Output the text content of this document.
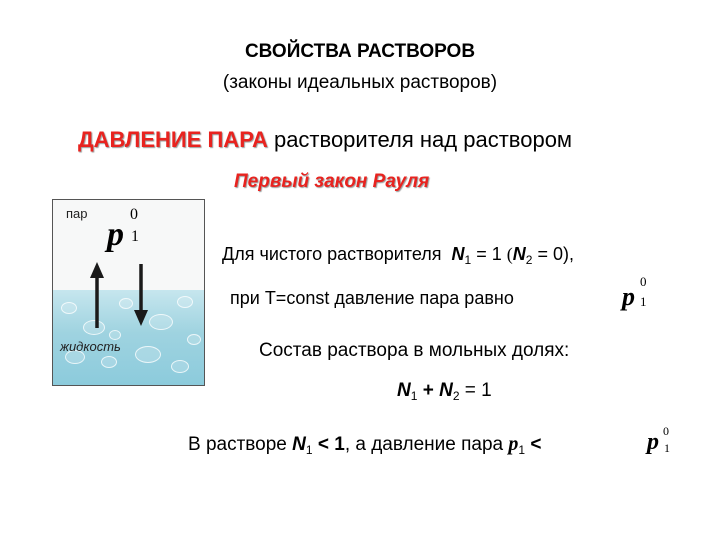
СВОЙСТВА РАСТВОРОВ
(законы идеальных растворов)
ДАВЛЕНИЕ ПАРА растворителя над раствором
Первый закон Рауля
пар
жидкость
p 1
0
Для чистого растворителя $N_1 = 1$ $(N_2 = 0)$,
при T=const давление пара равно	p 1
0
Состав раствора в мольных долях:
$N_1 + N_2 = 1$
В растворе $N_1 < 1$, а давление пара $p_1$ <	p 1
0
